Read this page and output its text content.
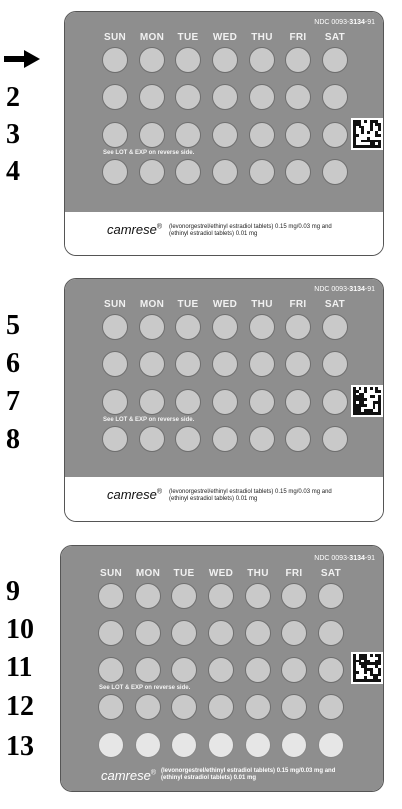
2
3
4
5
6
7
8
9
10
11
12
13
NDC 0093-3134-91
SUN	MON	TUE	WED	THU	FRI	SAT
See LOT & EXP on reverse side.
camrese® (levonorgestrel/ethinyl estradiol tablets) 0.15 mg/0.03 mg and
(ethinyl estradiol tablets) 0.01 mg
NDC 0093-3134-91
SUN	MON	TUE	WED	THU	FRI	SAT
See LOT & EXP on reverse side.
camrese® (levonorgestrel/ethinyl estradiol tablets) 0.15 mg/0.03 mg and
(ethinyl estradiol tablets) 0.01 mg
NDC 0093-3134-91
SUN	MON	TUE	WED	THU	FRI	SAT
See LOT & EXP on reverse side.
camrese® (levonorgestrel/ethinyl estradiol tablets) 0.15 mg/0.03 mg and
(ethinyl estradiol tablets) 0.01 mg
